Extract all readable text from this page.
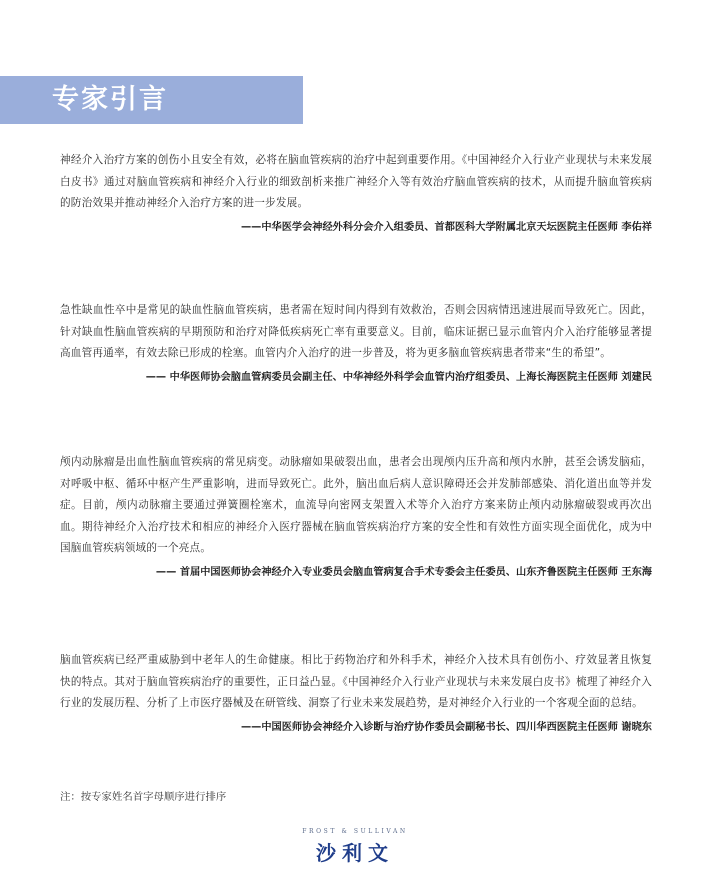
专家引言

神经介入治疗方案的创伤小且安全有效，必将在脑血管疾病的治疗中起到重要作用。《中国神经介入行业产业现状与未来发展白皮书》通过对脑血管疾病和神经介入行业的细致剖析来推广神经介入等有效治疗脑血管疾病的技术，从而提升脑血管疾病的防治效果并推动神经介入治疗方案的进一步发展。

——中华医学会神经外科分会介入组委员、首都医科大学附属北京天坛医院主任医师 李佑祥

急性缺血性卒中是常见的缺血性脑血管疾病，患者需在短时间内得到有效救治，否则会因病情迅速进展而导致死亡。因此，针对缺血性脑血管疾病的早期预防和治疗对降低疾病死亡率有重要意义。目前，临床证据已显示血管内介入治疗能够显著提高血管再通率，有效去除已形成的栓塞。血管内介入治疗的进一步普及，将为更多脑血管疾病患者带来“生的希望”。

—— 中华医师协会脑血管病委员会副主任、中华神经外科学会血管内治疗组委员、上海长海医院主任医师 刘建民

颅内动脉瘤是出血性脑血管疾病的常见病变。动脉瘤如果破裂出血，患者会出现颅内压升高和颅内水肿，甚至会诱发脑疝，对呼吸中枢、循环中枢产生严重影响，进而导致死亡。此外，脑出血后病人意识障碍还会并发肺部感染、消化道出血等并发症。目前，颅内动脉瘤主要通过弹簧圈栓塞术，血流导向密网支架置入术等介入治疗方案来防止颅内动脉瘤破裂或再次出血。期待神经介入治疗技术和相应的神经介入医疗器械在脑血管疾病治疗方案的安全性和有效性方面实现全面优化，成为中国脑血管疾病领域的一个亮点。

—— 首届中国医师协会神经介入专业委员会脑血管病复合手术专委会主任委员、山东齐鲁医院主任医师 王东海

脑血管疾病已经严重威胁到中老年人的生命健康。相比于药物治疗和外科手术，神经介入技术具有创伤小、疗效显著且恢复快的特点。其对于脑血管疾病治疗的重要性，正日益凸显。《中国神经介入行业产业现状与未来发展白皮书》梳理了神经介入行业的发展历程、分析了上市医疗器械及在研管线、洞察了行业未来发展趋势，是对神经介入行业的一个客观全面的总结。

——中国医师协会神经介入诊断与治疗协作委员会副秘书长、四川华西医院主任医师 谢晓东

注：按专家姓名首字母顺序进行排序
FROST & SULLIVAN
沙利文
